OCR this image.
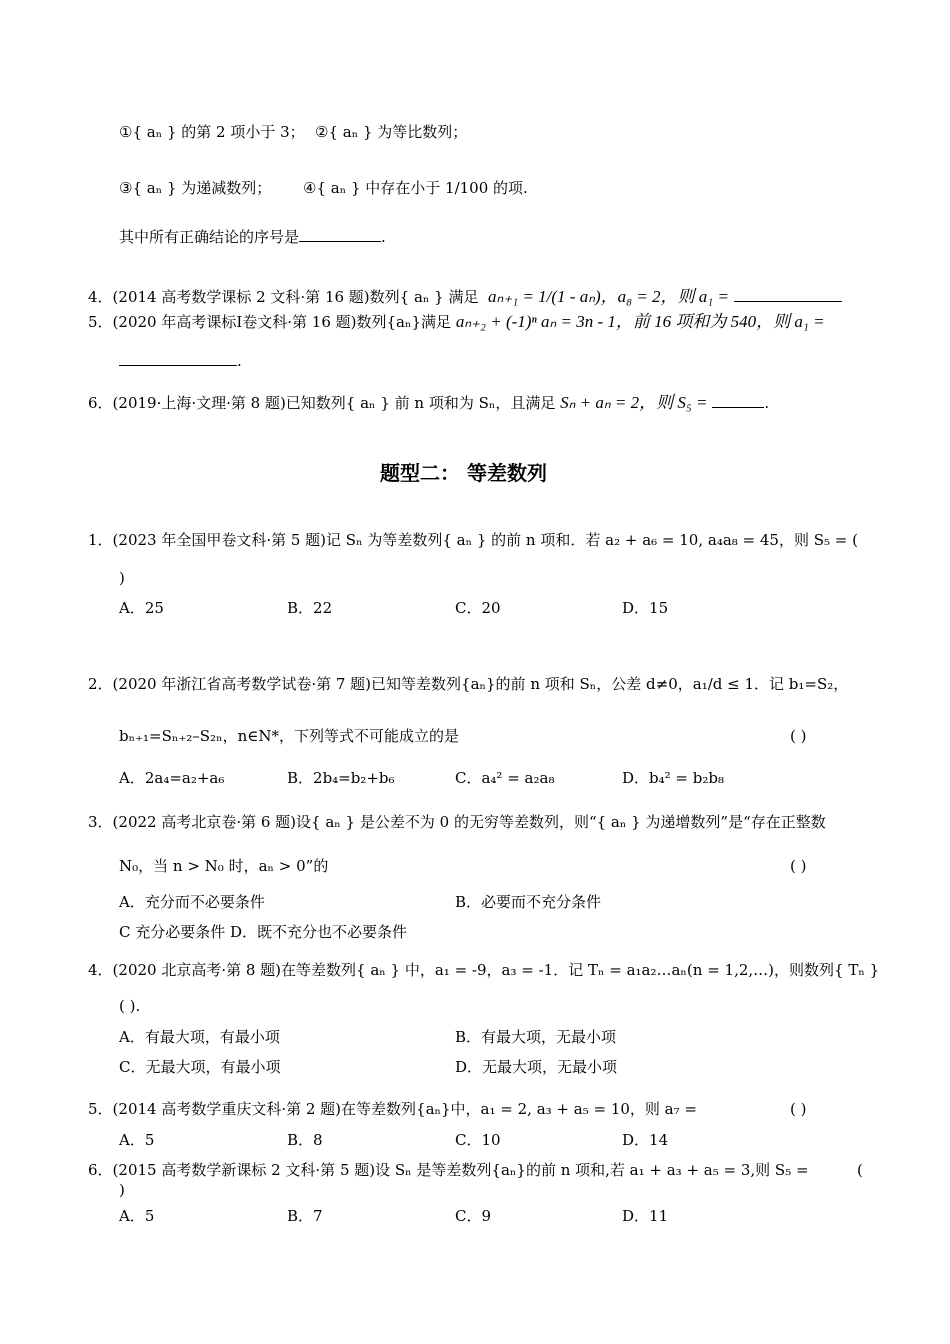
①{ aₙ } 的第 2 项小于 3； ②{ aₙ } 为等比数列；
③{ aₙ } 为递减数列； ④{ aₙ } 中存在小于 1/100 的项.
其中所有正确结论的序号是	.
4．(2014 高考数学课标 2 文科·第 16 题)数列{ aₙ } 满足 aₙ₊₁ = 1/(1 - aₙ)，a₈ = 2，则 a₁ =
5．(2020 年高考课标Ⅰ卷文科·第 16 题)数列{aₙ}满足 aₙ₊₂ + (-1)ⁿ aₙ = 3n - 1，前 16 项和为 540，则 a₁ =
.
6．(2019·上海·文理·第 8 题)已知数列{ aₙ } 前 n 项和为 Sₙ，且满足 Sₙ + aₙ = 2，则 S₅ =	.
题型二： 等差数列
1．(2023 年全国甲卷文科·第 5 题)记 Sₙ 为等差数列{ aₙ } 的前 n 项和．若 a₂ + a₆ = 10, a₄a₈ = 45，则 S₅ = (
)
A．25	B．22	C．20	D．15
2．(2020 年浙江省高考数学试卷·第 7 题)已知等差数列{aₙ}的前 n 项和 Sₙ，公差 d≠0，a₁/d ≤ 1．记 b₁=S₂，
bₙ₊₁=Sₙ₊₂–S₂ₙ，n∈N*，下列等式不可能成立的是	( )
A．2a₄=a₂+a₆	B．2b₄=b₂+b₆	C．a₄² = a₂a₈	D．b₄² = b₂b₈
3．(2022 高考北京卷·第 6 题)设{ aₙ } 是公差不为 0 的无穷等差数列，则“{ aₙ } 为递增数列”是“存在正整数
N₀，当 n > N₀ 时，aₙ > 0”的	( )
A．充分而不必要条件	B．必要而不充分条件
C 充分必要条件 D．既不充分也不必要条件
4．(2020 北京高考·第 8 题)在等差数列{ aₙ } 中，a₁ = -9，a₃ = -1．记 Tₙ = a₁a₂…aₙ(n = 1,2,…)，则数列{ Tₙ }
( ).
A．有最大项，有最小项	B．有最大项，无最小项
C．无最大项，有最小项	D．无最大项，无最小项
5．(2014 高考数学重庆文科·第 2 题)在等差数列{aₙ}中，a₁ = 2, a₃ + a₅ = 10，则 a₇ =	( )
A．5	B．8	C．10	D．14
6．(2015 高考数学新课标 2 文科·第 5 题)设 Sₙ 是等差数列{aₙ}的前 n 项和,若 a₁ + a₃ + a₅ = 3,则 S₅ =	(
)
A．5	B．7	C．9	D．11
